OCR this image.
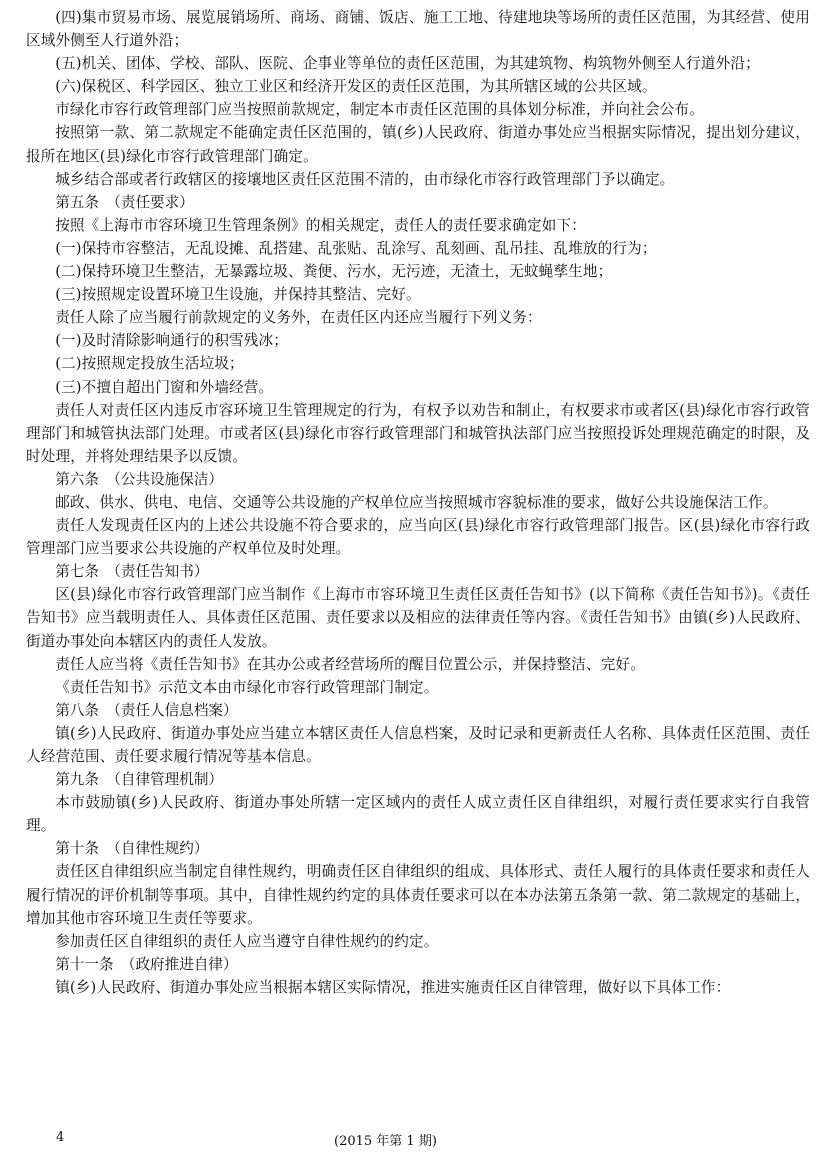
(四)集市贸易市场、展览展销场所、商场、商铺、饭店、施工工地、待建地块等场所的责任区范围，为其经营、使用区域外侧至人行道外沿；

(五)机关、团体、学校、部队、医院、企事业等单位的责任区范围，为其建筑物、构筑物外侧至人行道外沿；

(六)保税区、科学园区、独立工业区和经济开发区的责任区范围，为其所辖区域的公共区域。

市绿化市容行政管理部门应当按照前款规定，制定本市责任区范围的具体划分标准，并向社会公布。

按照第一款、第二款规定不能确定责任区范围的，镇(乡)人民政府、街道办事处应当根据实际情况，提出划分建议，报所在地区(县)绿化市容行政管理部门确定。

城乡结合部或者行政辖区的接壤地区责任区范围不清的，由市绿化市容行政管理部门予以确定。

第五条　（责任要求）

按照《上海市市容环境卫生管理条例》的相关规定，责任人的责任要求确定如下：

(一)保持市容整洁，无乱设摊、乱搭建、乱张贴、乱涂写、乱刻画、乱吊挂、乱堆放的行为；

(二)保持环境卫生整洁，无暴露垃圾、粪便、污水，无污迹，无渣土，无蚊蝇孳生地；

(三)按照规定设置环境卫生设施，并保持其整洁、完好。

责任人除了应当履行前款规定的义务外，在责任区内还应当履行下列义务：

(一)及时清除影响通行的积雪残冰；

(二)按照规定投放生活垃圾；

(三)不擅自超出门窗和外墙经营。

责任人对责任区内违反市容环境卫生管理规定的行为，有权予以劝告和制止，有权要求市或者区(县)绿化市容行政管理部门和城管执法部门处理。市或者区(县)绿化市容行政管理部门和城管执法部门应当按照投诉处理规范确定的时限，及时处理，并将处理结果予以反馈。

第六条　（公共设施保洁）

邮政、供水、供电、电信、交通等公共设施的产权单位应当按照城市容貌标准的要求，做好公共设施保洁工作。

责任人发现责任区内的上述公共设施不符合要求的，应当向区(县)绿化市容行政管理部门报告。区(县)绿化市容行政管理部门应当要求公共设施的产权单位及时处理。

第七条　（责任告知书）

区(县)绿化市容行政管理部门应当制作《上海市市容环境卫生责任区责任告知书》(以下简称《责任告知书》)。《责任告知书》应当载明责任人、具体责任区范围、责任要求以及相应的法律责任等内容。《责任告知书》由镇(乡)人民政府、街道办事处向本辖区内的责任人发放。

责任人应当将《责任告知书》在其办公或者经营场所的醒目位置公示，并保持整洁、完好。

《责任告知书》示范文本由市绿化市容行政管理部门制定。

第八条　（责任人信息档案）

镇(乡)人民政府、街道办事处应当建立本辖区责任人信息档案，及时记录和更新责任人名称、具体责任区范围、责任人经营范围、责任要求履行情况等基本信息。

第九条　（自律管理机制）

本市鼓励镇(乡)人民政府、街道办事处所辖一定区域内的责任人成立责任区自律组织，对履行责任要求实行自我管理。

第十条　（自律性规约）

责任区自律组织应当制定自律性规约，明确责任区自律组织的组成、具体形式、责任人履行的具体责任要求和责任人履行情况的评价机制等事项。其中，自律性规约约定的具体责任要求可以在本办法第五条第一款、第二款规定的基础上，增加其他市容环境卫生责任等要求。

参加责任区自律组织的责任人应当遵守自律性规约的约定。

第十一条　（政府推进自律）

镇(乡)人民政府、街道办事处应当根据本辖区实际情况，推进实施责任区自律管理，做好以下具体工作：

4	(2015 年第 1 期)
